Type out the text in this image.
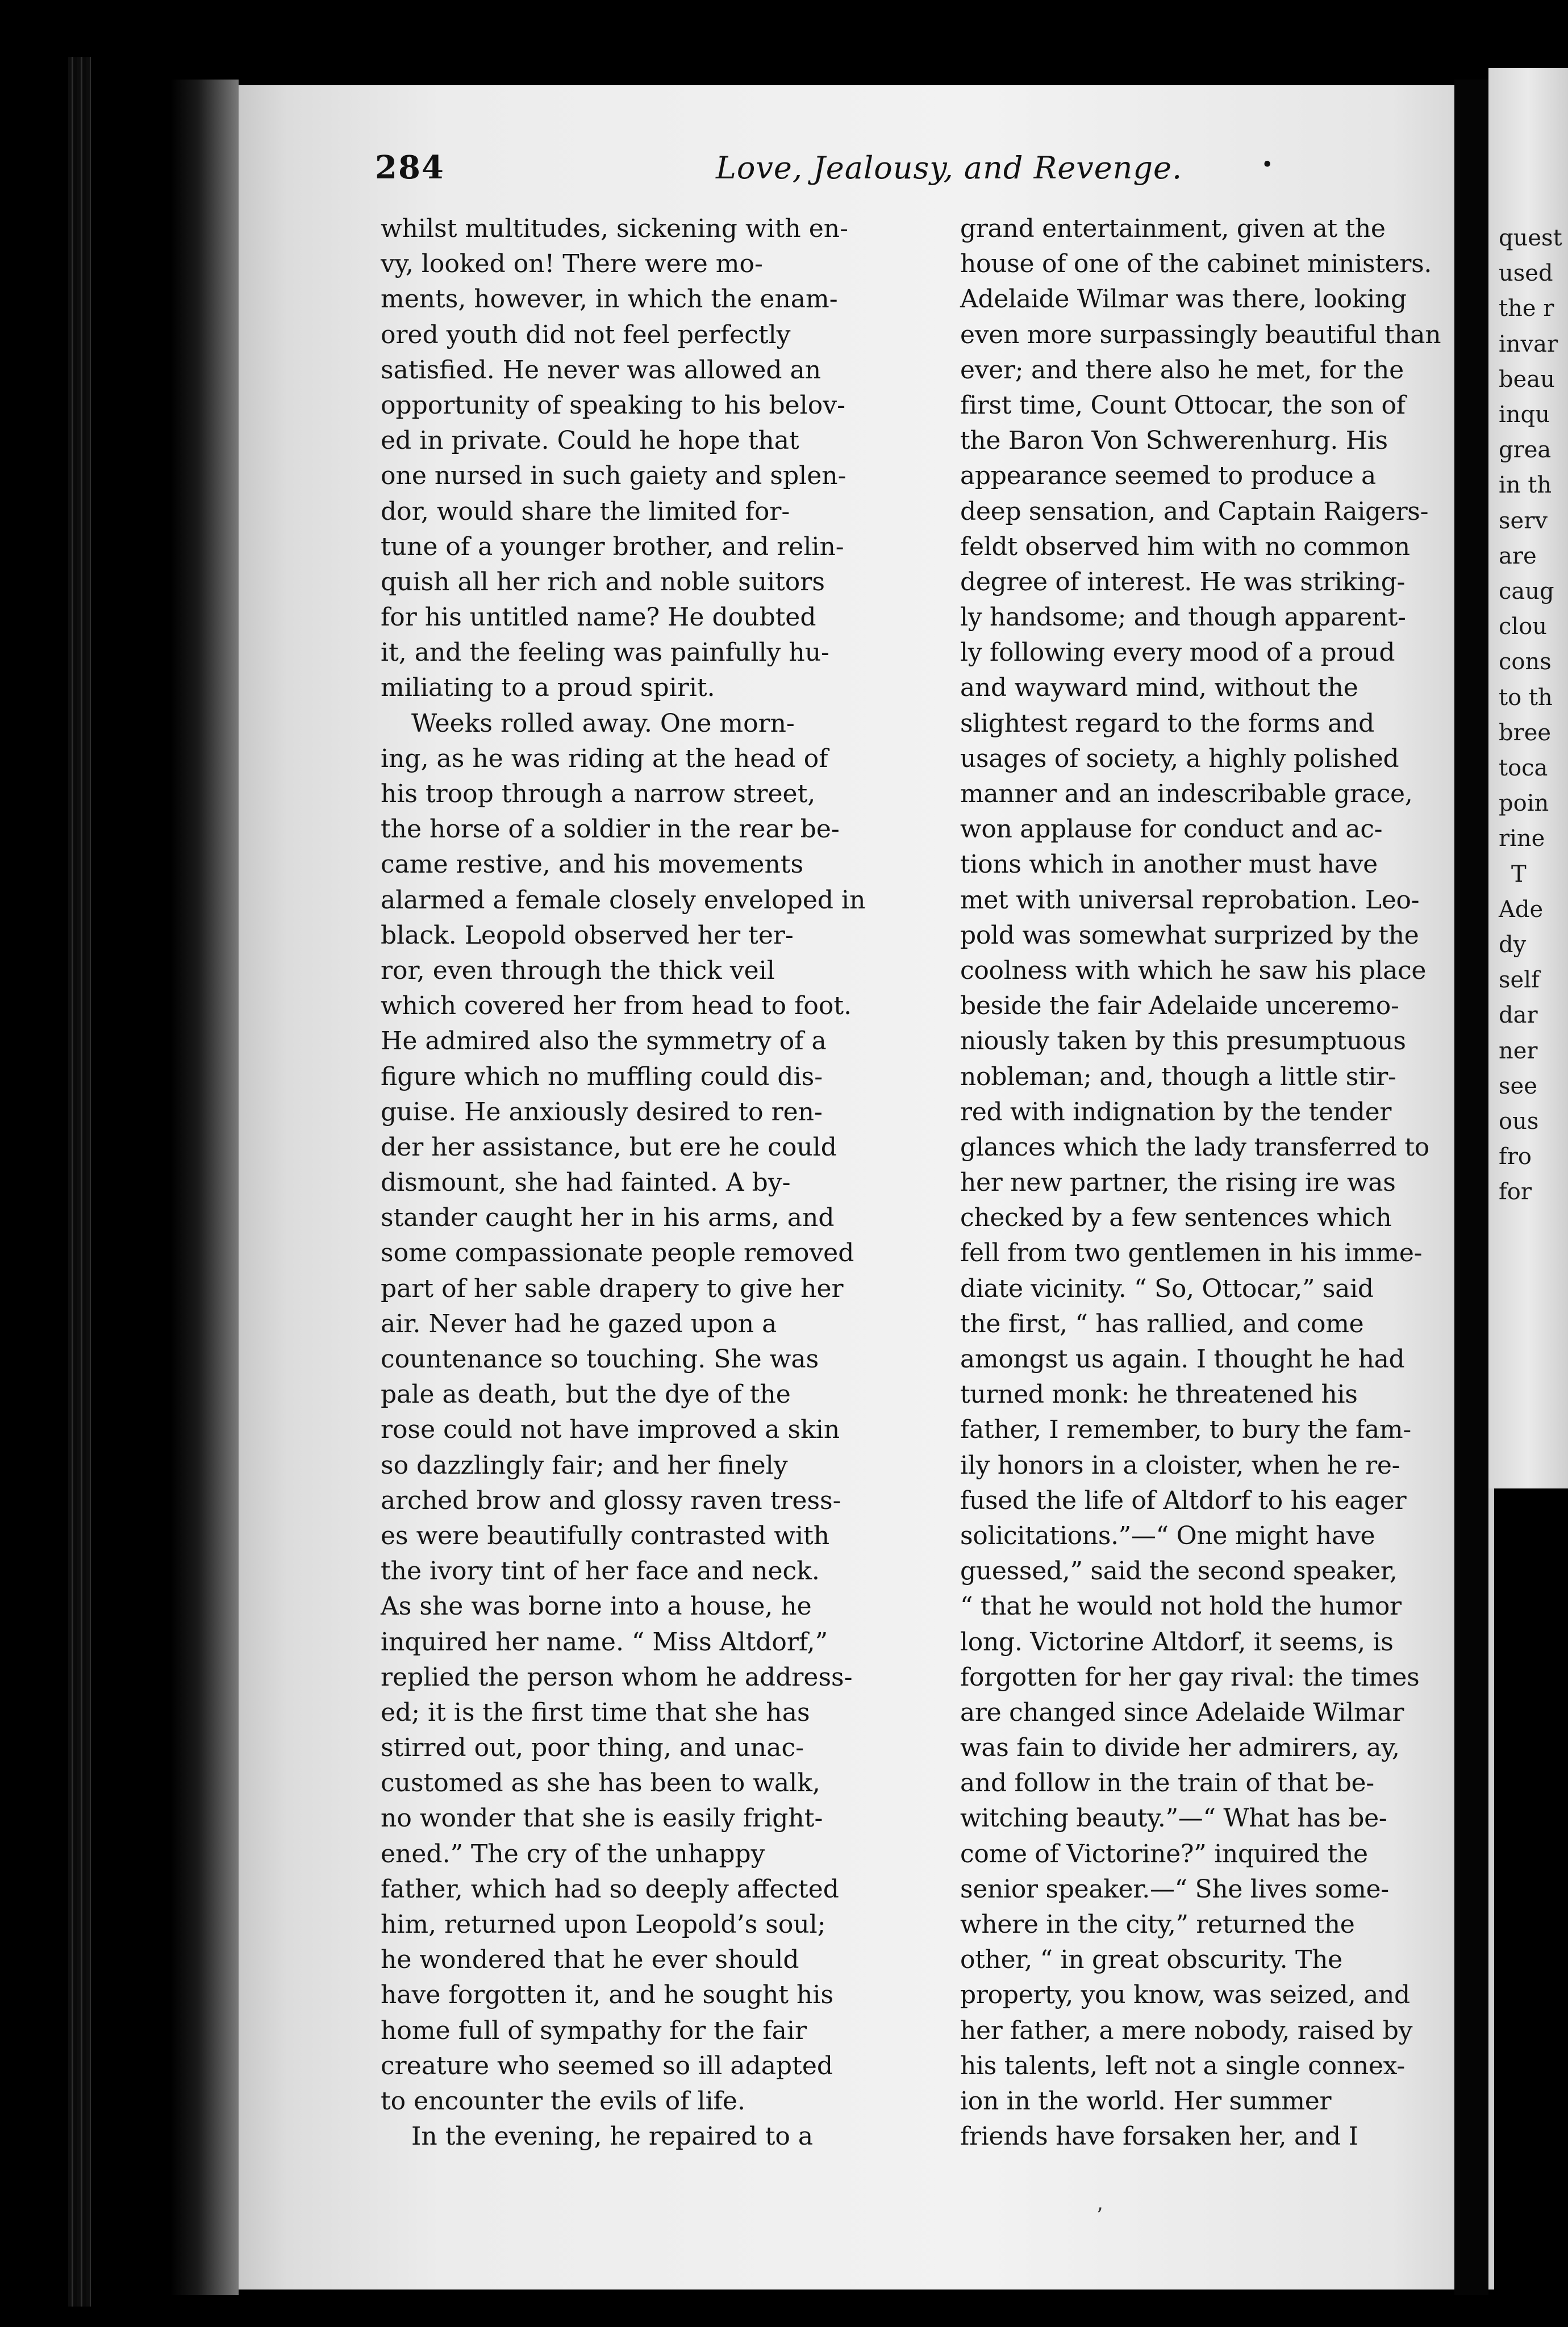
quest
used
the r
invar
beau
inqu
grea
in th
serv
are
caug
clou
cons
to th
bree
toca
poin
rine
T
Ade
dy
self
dar
ner
see
ous
fro
for
284	Love, Jealousy, and Revenge.	•
whilst multitudes, sickening with en-
vy, looked on! There were mo-
ments, however, in which the enam-
ored youth did not feel perfectly
satisfied. He never was allowed an
opportunity of speaking to his belov-
ed in private. Could he hope that
one nursed in such gaiety and splen-
dor, would share the limited for-
tune of a younger brother, and relin-
quish all her rich and noble suitors
for his untitled name? He doubted
it, and the feeling was painfully hu-
miliating to a proud spirit.
Weeks rolled away. One morn-
ing, as he was riding at the head of
his troop through a narrow street,
the horse of a soldier in the rear be-
came restive, and his movements
alarmed a female closely enveloped in
black. Leopold observed her ter-
ror, even through the thick veil
which covered her from head to foot.
He admired also the symmetry of a
figure which no muffling could dis-
guise. He anxiously desired to ren-
der her assistance, but ere he could
dismount, she had fainted. A by-
stander caught her in his arms, and
some compassionate people removed
part of her sable drapery to give her
air. Never had he gazed upon a
countenance so touching. She was
pale as death, but the dye of the
rose could not have improved a skin
so dazzlingly fair; and her finely
arched brow and glossy raven tress-
es were beautifully contrasted with
the ivory tint of her face and neck.
As she was borne into a house, he
inquired her name. “ Miss Altdorf,”
replied the person whom he address-
ed; it is the first time that she has
stirred out, poor thing, and unac-
customed as she has been to walk,
no wonder that she is easily fright-
ened.” The cry of the unhappy
father, which had so deeply affected
him, returned upon Leopold’s soul;
he wondered that he ever should
have forgotten it, and he sought his
home full of sympathy for the fair
creature who seemed so ill adapted
to encounter the evils of life.
In the evening, he repaired to a
grand entertainment, given at the
house of one of the cabinet ministers.
Adelaide Wilmar was there, looking
even more surpassingly beautiful than
ever; and there also he met, for the
first time, Count Ottocar, the son of
the Baron Von Schwerenhurg. His
appearance seemed to produce a
deep sensation, and Captain Raigers-
feldt observed him with no common
degree of interest. He was striking-
ly handsome; and though apparent-
ly following every mood of a proud
and wayward mind, without the
slightest regard to the forms and
usages of society, a highly polished
manner and an indescribable grace,
won applause for conduct and ac-
tions which in another must have
met with universal reprobation. Leo-
pold was somewhat surprized by the
coolness with which he saw his place
beside the fair Adelaide unceremo-
niously taken by this presumptuous
nobleman; and, though a little stir-
red with indignation by the tender
glances which the lady transferred to
her new partner, the rising ire was
checked by a few sentences which
fell from two gentlemen in his imme-
diate vicinity. “ So, Ottocar,” said
the first, “ has rallied, and come
amongst us again. I thought he had
turned monk: he threatened his
father, I remember, to bury the fam-
ily honors in a cloister, when he re-
fused the life of Altdorf to his eager
solicitations.”—“ One might have
guessed,” said the second speaker,
“ that he would not hold the humor
long. Victorine Altdorf, it seems, is
forgotten for her gay rival: the times
are changed since Adelaide Wilmar
was fain to divide her admirers, ay,
and follow in the train of that be-
witching beauty.”—“ What has be-
come of Victorine?” inquired the
senior speaker.—“ She lives some-
where in the city,” returned the
other, “ in great obscurity. The
property, you know, was seized, and
her father, a mere nobody, raised by
his talents, left not a single connex-
ion in the world. Her summer
friends have forsaken her, and I
’
